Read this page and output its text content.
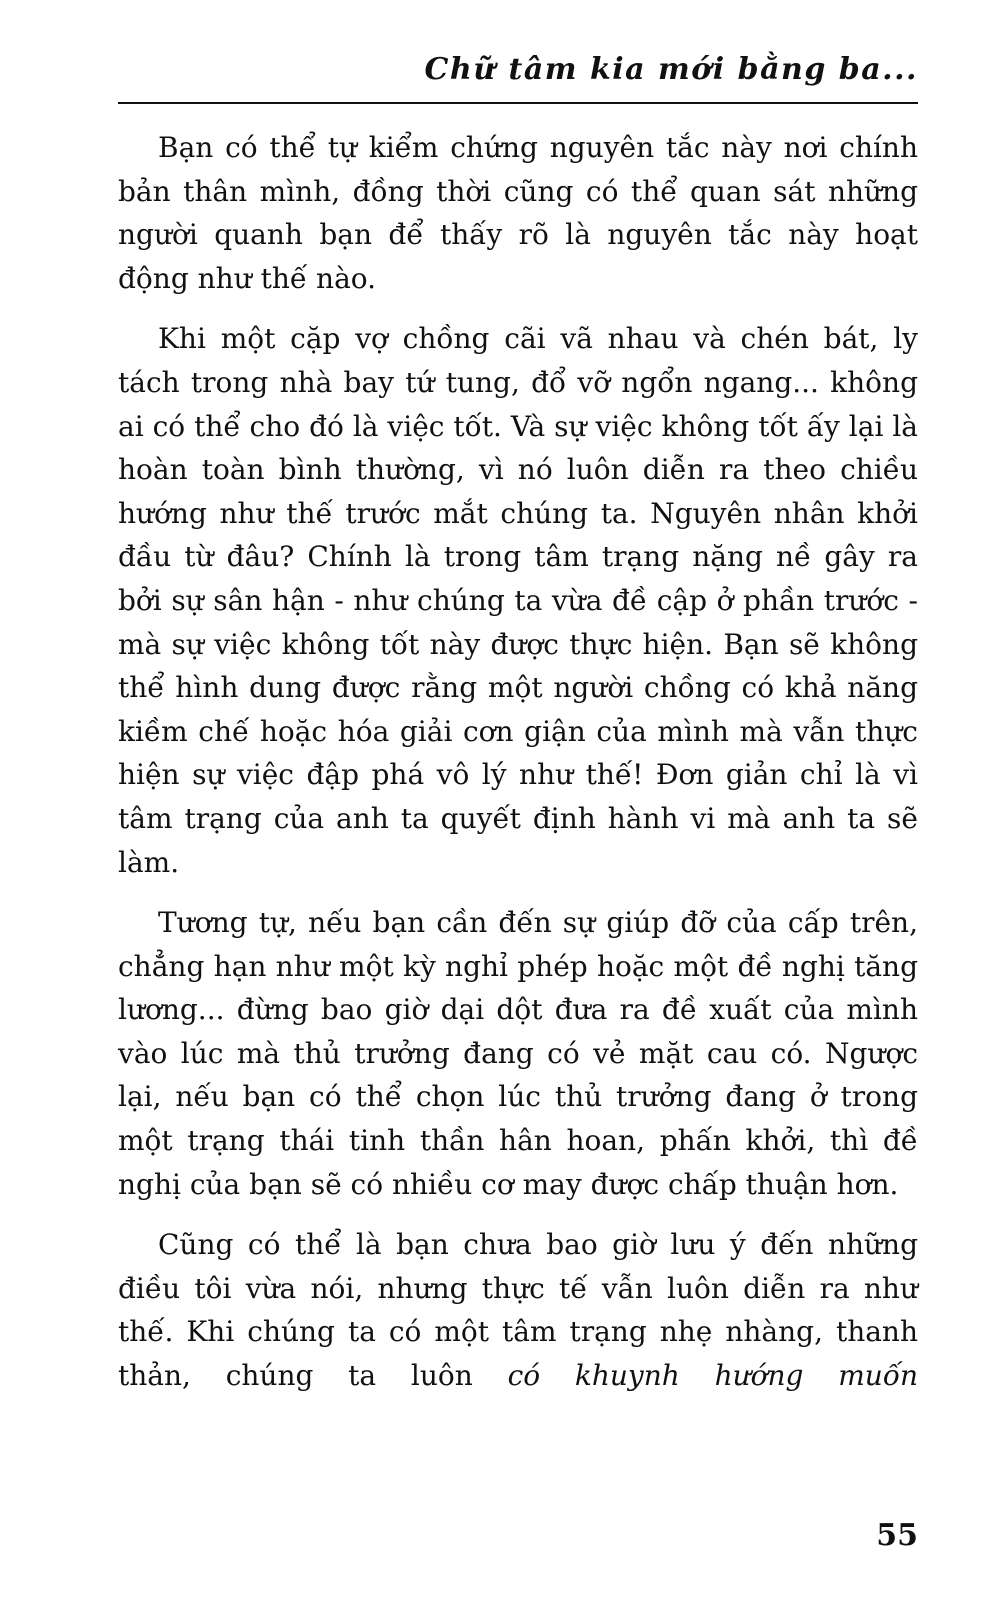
Chữ tâm kia mới bằng ba...

Bạn có thể tự kiểm chứng nguyên tắc này nơi chính bản thân mình, đồng thời cũng có thể quan sát những người quanh bạn để thấy rõ là nguyên tắc này hoạt động như thế nào.

Khi một cặp vợ chồng cãi vã nhau và chén bát, ly tách trong nhà bay tứ tung, đổ vỡ ngổn ngang... không ai có thể cho đó là việc tốt. Và sự việc không tốt ấy lại là hoàn toàn bình thường, vì nó luôn diễn ra theo chiều hướng như thế trước mắt chúng ta. Nguyên nhân khởi đầu từ đâu? Chính là trong tâm trạng nặng nề gây ra bởi sự sân hận - như chúng ta vừa đề cập ở phần trước - mà sự việc không tốt này được thực hiện. Bạn sẽ không thể hình dung được rằng một người chồng có khả năng kiềm chế hoặc hóa giải cơn giận của mình mà vẫn thực hiện sự việc đập phá vô lý như thế! Đơn giản chỉ là vì tâm trạng của anh ta quyết định hành vi mà anh ta sẽ làm.

Tương tự, nếu bạn cần đến sự giúp đỡ của cấp trên, chẳng hạn như một kỳ nghỉ phép hoặc một đề nghị tăng lương... đừng bao giờ dại dột đưa ra đề xuất của mình vào lúc mà thủ trưởng đang có vẻ mặt cau có. Ngược lại, nếu bạn có thể chọn lúc thủ trưởng đang ở trong một trạng thái tinh thần hân hoan, phấn khởi, thì đề nghị của bạn sẽ có nhiều cơ may được chấp thuận hơn.

Cũng có thể là bạn chưa bao giờ lưu ý đến những điều tôi vừa nói, nhưng thực tế vẫn luôn diễn ra như thế. Khi chúng ta có một tâm trạng nhẹ nhàng, thanh thản, chúng ta luôn có khuynh hướng muốn

55
